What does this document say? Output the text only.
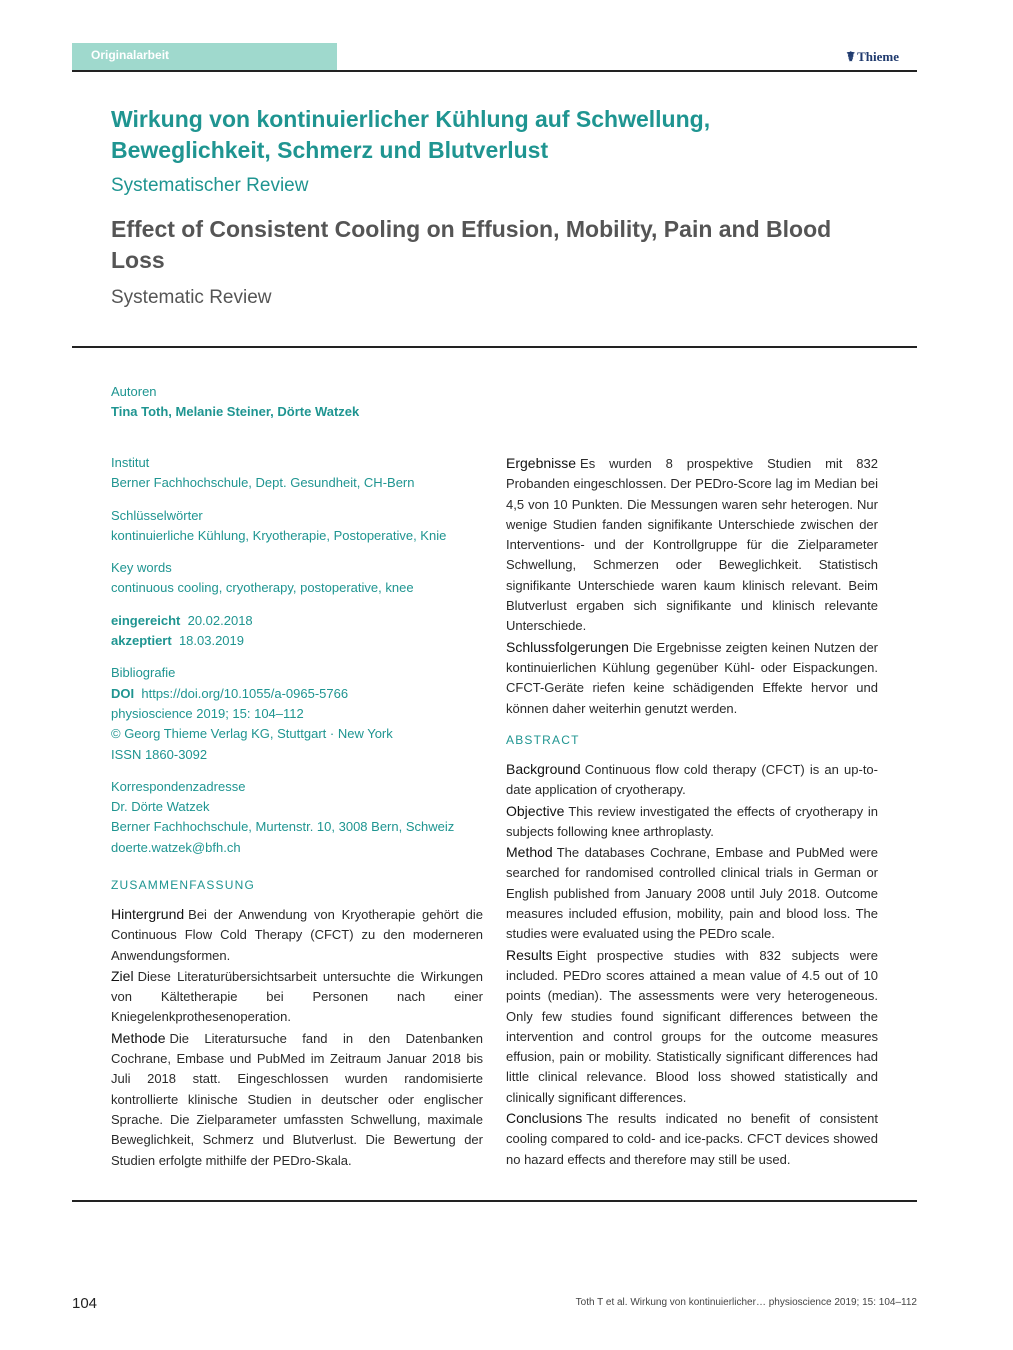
Originalarbeit	☤ Thieme
Wirkung von kontinuierlicher Kühlung auf Schwellung, Beweglichkeit, Schmerz und Blutverlust
Systematischer Review
Effect of Consistent Cooling on Effusion, Mobility, Pain and Blood Loss
Systematic Review
Autoren
Tina Toth, Melanie Steiner, Dörte Watzek
Institut
Berner Fachhochschule, Dept. Gesundheit, CH-Bern
Schlüsselwörter
kontinuierliche Kühlung, Kryotherapie, Postoperative, Knie
Key words
continuous cooling, cryotherapy, postoperative, knee
eingereicht 20.02.2018
akzeptiert 18.03.2019
Bibliografie
DOI https://doi.org/10.1055/a-0965-5766
physioscience 2019; 15: 104–112
© Georg Thieme Verlag KG, Stuttgart · New York
ISSN 1860-3092
Korrespondenzadresse
Dr. Dörte Watzek
Berner Fachhochschule, Murtenstr. 10, 3008 Bern, Schweiz
doerte.watzek@bfh.ch
ZUSAMMENFASSUNG

Hintergrund Bei der Anwendung von Kryotherapie gehört die Continuous Flow Cold Therapy (CFCT) zu den moderneren Anwendungsformen.

Ziel Diese Literaturübersichtsarbeit untersuchte die Wirkungen von Kältetherapie bei Personen nach einer Kniegelenkprothesenoperation.

Methode Die Literatursuche fand in den Datenbanken Cochrane, Embase und PubMed im Zeitraum Januar 2018 bis Juli 2018 statt. Eingeschlossen wurden randomisierte kontrollierte klinische Studien in deutscher oder englischer Sprache. Die Zielparameter umfassten Schwellung, maximale Beweglichkeit, Schmerz und Blutverlust. Die Bewertung der Studien erfolgte mithilfe der PEDro-Skala.

Ergebnisse Es wurden 8 prospektive Studien mit 832 Probanden eingeschlossen. Der PEDro-Score lag im Median bei 4,5 von 10 Punkten. Die Messungen waren sehr heterogen. Nur wenige Studien fanden signifikante Unterschiede zwischen der Interventions- und der Kontrollgruppe für die Zielparameter Schwellung, Schmerzen oder Beweglichkeit. Statistisch signifikante Unterschiede waren kaum klinisch relevant. Beim Blutverlust ergaben sich signifikante und klinisch relevante Unterschiede.

Schlussfolgerungen Die Ergebnisse zeigten keinen Nutzen der kontinuierlichen Kühlung gegenüber Kühl- oder Eispackungen. CFCT-Geräte riefen keine schädigenden Effekte hervor und können daher weiterhin genutzt werden.

ABSTRACT

Background Continuous flow cold therapy (CFCT) is an up-to-date application of cryotherapy.

Objective This review investigated the effects of cryotherapy in subjects following knee arthroplasty.

Method The databases Cochrane, Embase and PubMed were searched for randomised controlled clinical trials in German or English published from January 2008 until July 2018. Outcome measures included effusion, mobility, pain and blood loss. The studies were evaluated using the PEDro scale.

Results Eight prospective studies with 832 subjects were included. PEDro scores attained a mean value of 4.5 out of 10 points (median). The assessments were very heterogeneous. Only few studies found significant differences between the intervention and control groups for the outcome measures effusion, pain or mobility. Statistically significant differences had little clinical relevance. Blood loss showed statistically and clinically significant differences.

Conclusions The results indicated no benefit of consistent cooling compared to cold- and ice-packs. CFCT devices showed no hazard effects and therefore may still be used.

104	Toth T et al. Wirkung von kontinuierlicher… physioscience 2019; 15: 104–112
